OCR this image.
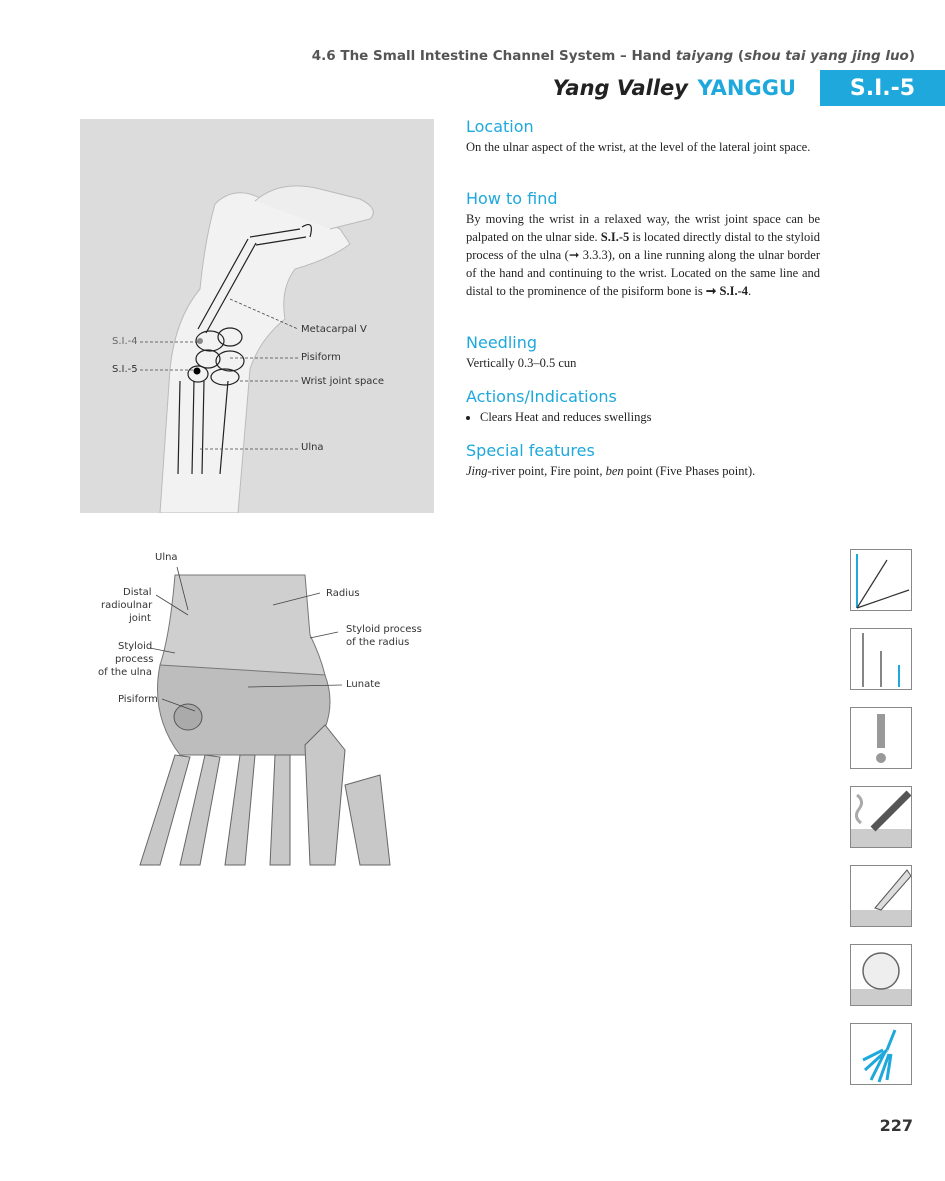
4.6 The Small Intestine Channel System – Hand taiyang (shou tai yang jing luo)
Yang Valley YANGGU	S.I.-5
S.I.-4
S.I.-5
Metacarpal V
Pisiform
Wrist joint space
Ulna
Location

On the ulnar aspect of the wrist, at the level of the lateral joint space.

How to find

By moving the wrist in a relaxed way, the wrist joint space can be palpated on the ulnar side. S.I.-5 is located directly distal to the styloid process of the ulna (➞ 3.3.3), on a line running along the ulnar border of the hand and continuing to the wrist. Located on the same line and distal to the prominence of the pisiform bone is ➞ S.I.-4.

Needling

Vertically 0.3–0.5 cun

Actions/Indications
• Clears Heat and reduces swellings
Special features

Jing-river point, Fire point, ben point (Five Phases point).

Ulna
Distal
radioulnar
joint
Styloid
process
of the ulna
Pisiform
Radius
Styloid process
of the radius
Lunate
227
